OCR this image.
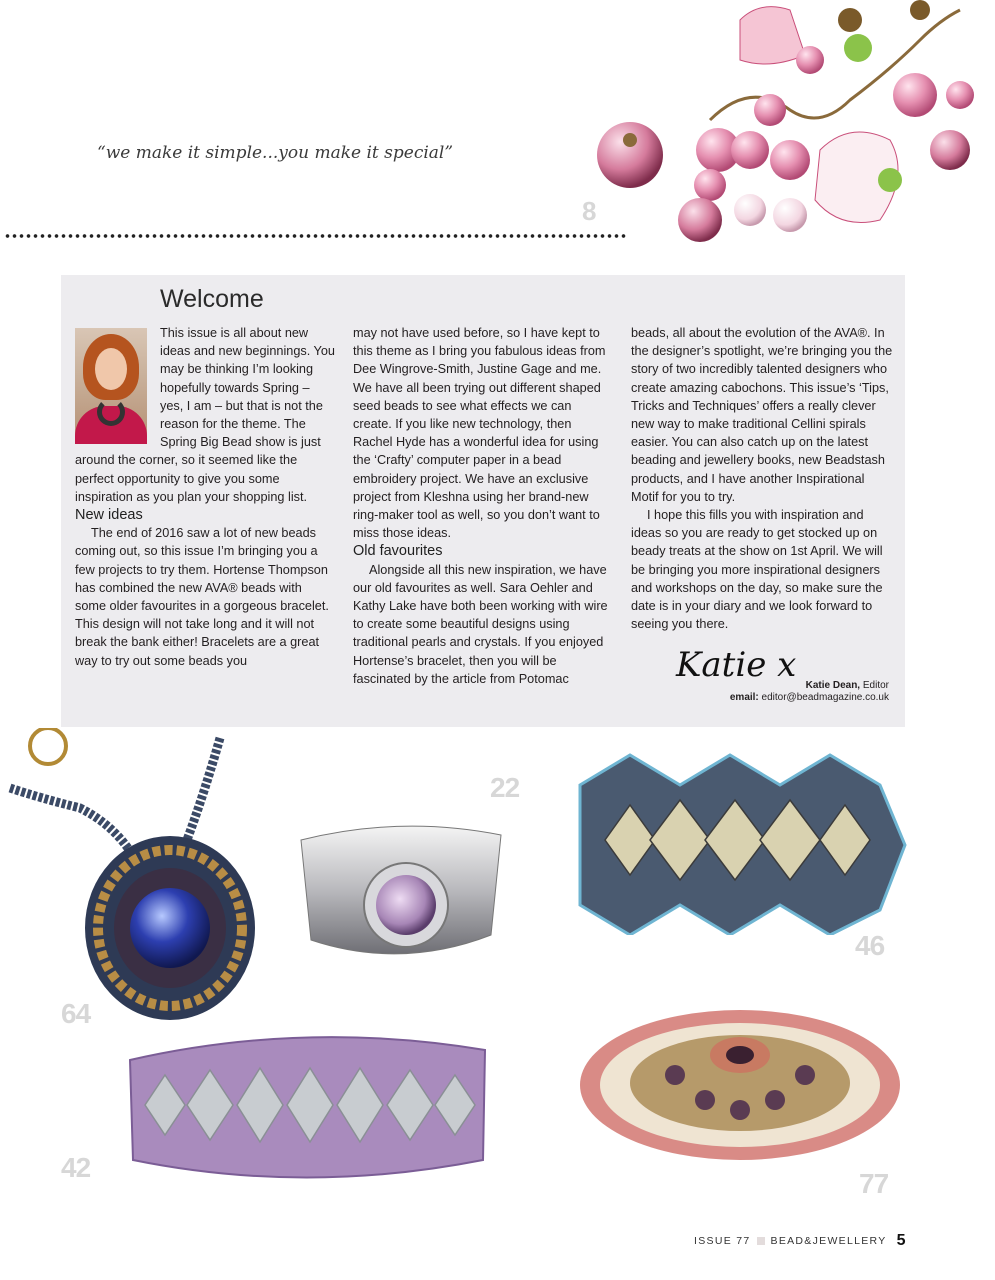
“we make it simple...you make it special”
8
Welcome

This issue is all about new ideas and new beginnings. You may be thinking I’m looking hopefully towards Spring – yes, I am – but that is not the reason for the theme. The Spring Big Bead show is just around the corner, so it seemed like the perfect opportunity to give you some inspiration as you plan your shopping list.

New ideas

The end of 2016 saw a lot of new beads coming out, so this issue I’m bringing you a few projects to try them. Hortense Thompson has combined the new AVA® beads with some older favourites in a gorgeous bracelet. This design will not take long and it will not break the bank either! Bracelets are a great way to try out some beads you

may not have used before, so I have kept to this theme as I bring you fabulous ideas from Dee Wingrove-Smith, Justine Gage and me. We have all been trying out different shaped seed beads to see what effects we can create. If you like new technology, then Rachel Hyde has a wonderful idea for using the ‘Crafty’ computer paper in a bead embroidery project. We have an exclusive project from Kleshna using her brand-new ring-maker tool as well, so you don’t want to miss those ideas.

Old favourites

Alongside all this new inspiration, we have our old favourites as well. Sara Oehler and Kathy Lake have both been working with wire to create some beautiful designs using traditional pearls and crystals. If you enjoyed Hortense’s bracelet, then you will be fascinated by the article from Potomac

beads, all about the evolution of the AVA®. In the designer’s spotlight, we’re bringing you the story of two incredibly talented designers who create amazing cabochons. This issue’s ‘Tips, Tricks and Techniques’ offers a really clever new way to make traditional Cellini spirals easier. You can also catch up on the latest beading and jewellery books, new Beadstash products, and I have another Inspirational Motif for you to try.

I hope this fills you with inspiration and ideas so you are ready to get stocked up on beady treats at the show on 1st April. We will be bringing you more inspirational designers and workshops on the day, so make sure the date is in your diary and we look forward to seeing you there.

Katie x
Katie Dean, Editor
email: editor@beadmagazine.co.uk
64
22
46
42
77
ISSUE 77 BEAD&JEWELLERY 5
